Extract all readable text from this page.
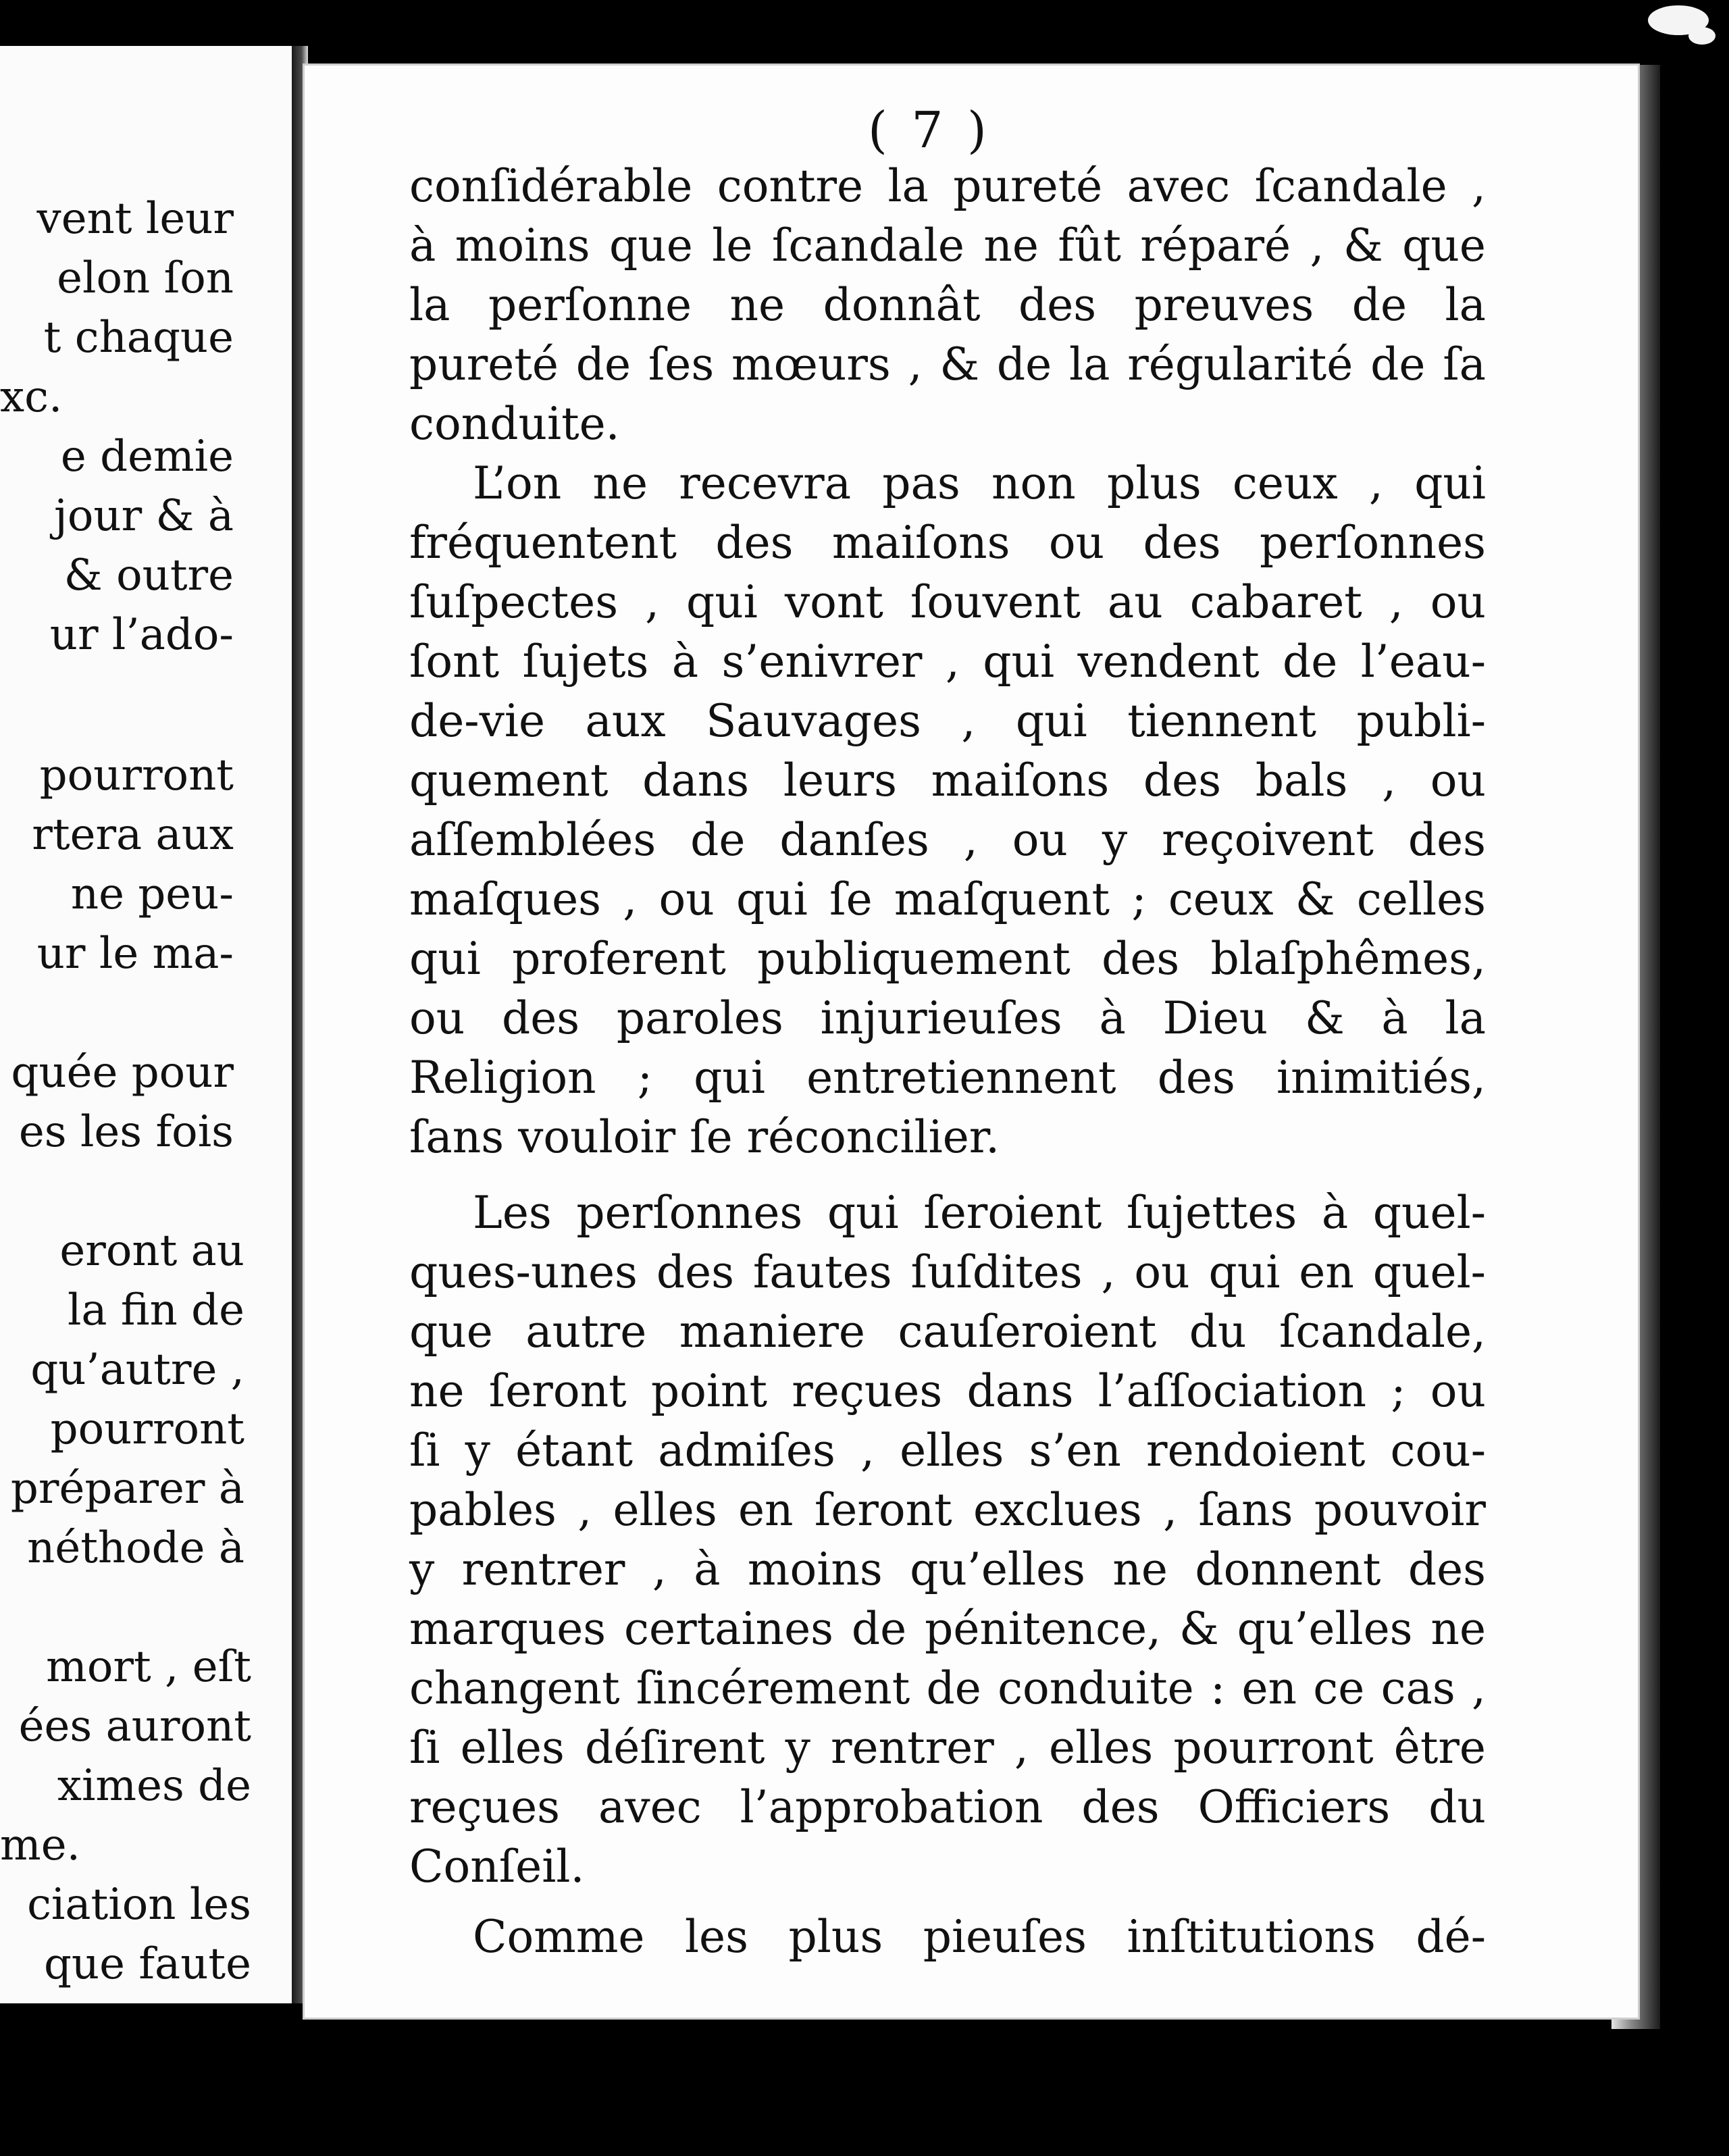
vent leur

elon ſon

t chaque

xc.

e demie

jour & à

& outre

ur l’ado-

pourront

rtera aux

ne peu-

ur le ma-

quée pour

es les fois

eront au

la fin de

qu’autre ,

pourront

préparer à

néthode à

mort , eſt

ées auront

ximes de

me.

ciation les

que faute

( 7 )

conſidérable contre la pureté avec ſcandale ,

à moins que le ſcandale ne fût réparé , & que

la perſonne ne donnât des preuves de la

pureté de ſes mœurs , & de la régularité de ſa

conduite.

L’on ne recevra pas non plus ceux , qui

fréquentent des maiſons ou des perſonnes

ſuſpectes , qui vont ſouvent au cabaret , ou

ſont ſujets à s’enivrer , qui vendent de l’eau-

de-vie aux Sauvages , qui tiennent publi-

quement dans leurs maiſons des bals , ou

aſſemblées de danſes , ou y reçoivent des

maſques , ou qui ſe maſquent ; ceux & celles

qui proferent publiquement des blaſphêmes,

ou des paroles injurieuſes à Dieu & à la

Religion ; qui entretiennent des inimitiés,

ſans vouloir ſe réconcilier.

Les perſonnes qui ſeroient ſujettes à quel-

ques-unes des fautes ſuſdites , ou qui en quel-

que autre maniere cauſeroient du ſcandale,

ne ſeront point reçues dans l’aſſociation ; ou

ſi y étant admiſes , elles s’en rendoient cou-

pables , elles en ſeront exclues , ſans pouvoir

y rentrer , à moins qu’elles ne donnent des

marques certaines de pénitence, & qu’elles ne

changent ſincérement de conduite : en ce cas ,

ſi elles déſirent y rentrer , elles pourront être

reçues avec l’approbation des Officiers du

Conſeil.

Comme les plus pieuſes inſtitutions dé-
